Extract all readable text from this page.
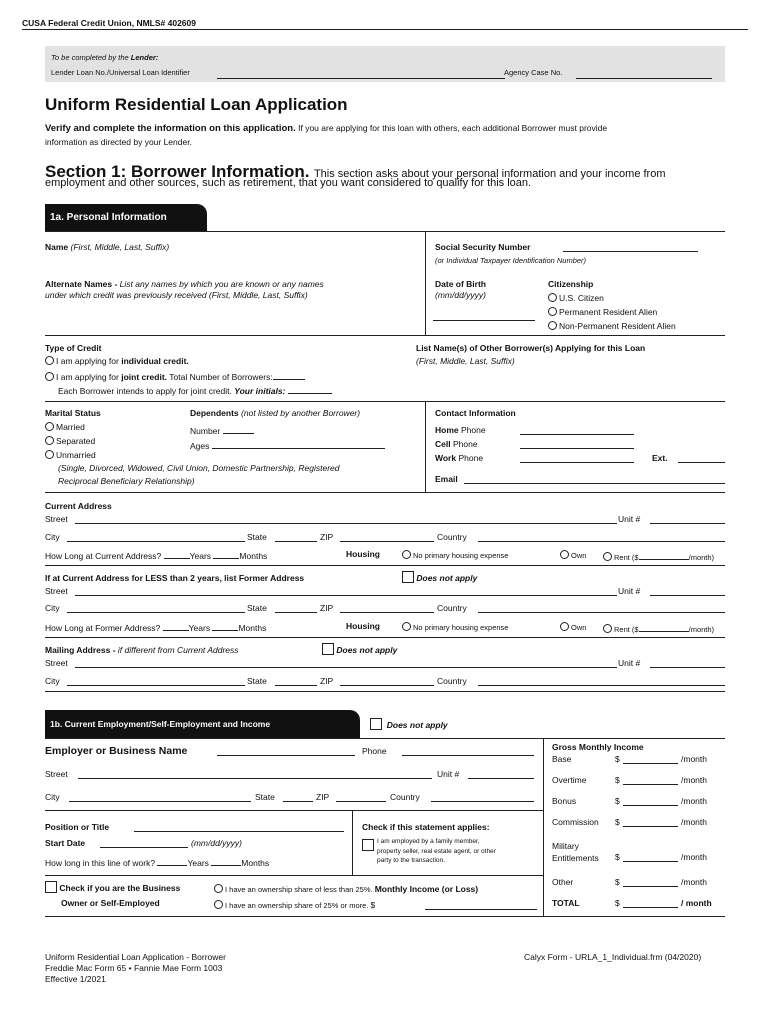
CUSA Federal Credit Union, NMLS# 402609
To be completed by the Lender:
Lender Loan No./Universal Loan Identifier	Agency Case No.
Uniform Residential Loan Application
Verify and complete the information on this application. If you are applying for this loan with others, each additional Borrower must provide
information as directed by your Lender.
Section 1: Borrower Information. This section asks about your personal information and your income from
employment and other sources, such as retirement, that you want considered to qualify for this loan.
1a. Personal Information
Name (First, Middle, Last, Suffix)	Social Security Number
(or Individual Taxpayer Identification Number)
Alternate Names - List any names by which you are known or any names
under which credit was previously received (First, Middle, Last, Suffix)
Date of Birth
(mm/dd/yyyy)
Citizenship
U.S. Citizen
Permanent Resident Alien
Non-Permanent Resident Alien
Type of Credit
I am applying for individual credit.
I am applying for joint credit. Total Number of Borrowers:
Each Borrower intends to apply for joint credit. Your initials:
List Name(s) of Other Borrower(s) Applying for this Loan
(First, Middle, Last, Suffix)
Marital Status
Married
Separated
Unmarried
(Single, Divorced, Widowed, Civil Union, Domestic Partnership, Registered
Reciprocal Beneficiary Relationship)
Dependents (not listed by another Borrower)
Number
Ages
Contact Information
Home Phone
Cell Phone
Work Phone	Ext.
Email
Current Address
Street	Unit #
City	State	ZIP	Country
How Long at Current Address?	Years	Months	Housing	No primary housing expense	Own	Rent ($	/month)
If at Current Address for LESS than 2 years, list Former Address	Does not apply
Street	Unit #
City	State	ZIP	Country
How Long at Former Address?	Years	Months	Housing	No primary housing expense	Own	Rent ($	/month)
Mailing Address - if different from Current Address	Does not apply
Street	Unit #
City	State	ZIP	Country
1b. Current Employment/Self-Employment and Income	Does not apply
Employer or Business Name	Phone
Street	Unit #
City	State	ZIP	Country
Position or Title
Start Date	(mm/dd/yyyy)
How long in this line of work?	Years	Months
Check if this statement applies:
I am employed by a family member,
property seller, real estate agent, or other
party to the transaction.
Check if you are the Business
Owner or Self-Employed
I have an ownership share of less than 25%. Monthly Income (or Loss)
I have an ownership share of 25% or more. $
Gross Monthly Income
Base	$	/month
Overtime	$	/month
Bonus	$	/month
Commission $	/month
Military Entitlements	$	/month
Other	$	/month
TOTAL	$	/ month
Uniform Residential Loan Application - Borrower
Freddie Mac Form 65 • Fannie Mae Form 1003
Effective 1/2021
Calyx Form - URLA_1_Individual.frm (04/2020)
